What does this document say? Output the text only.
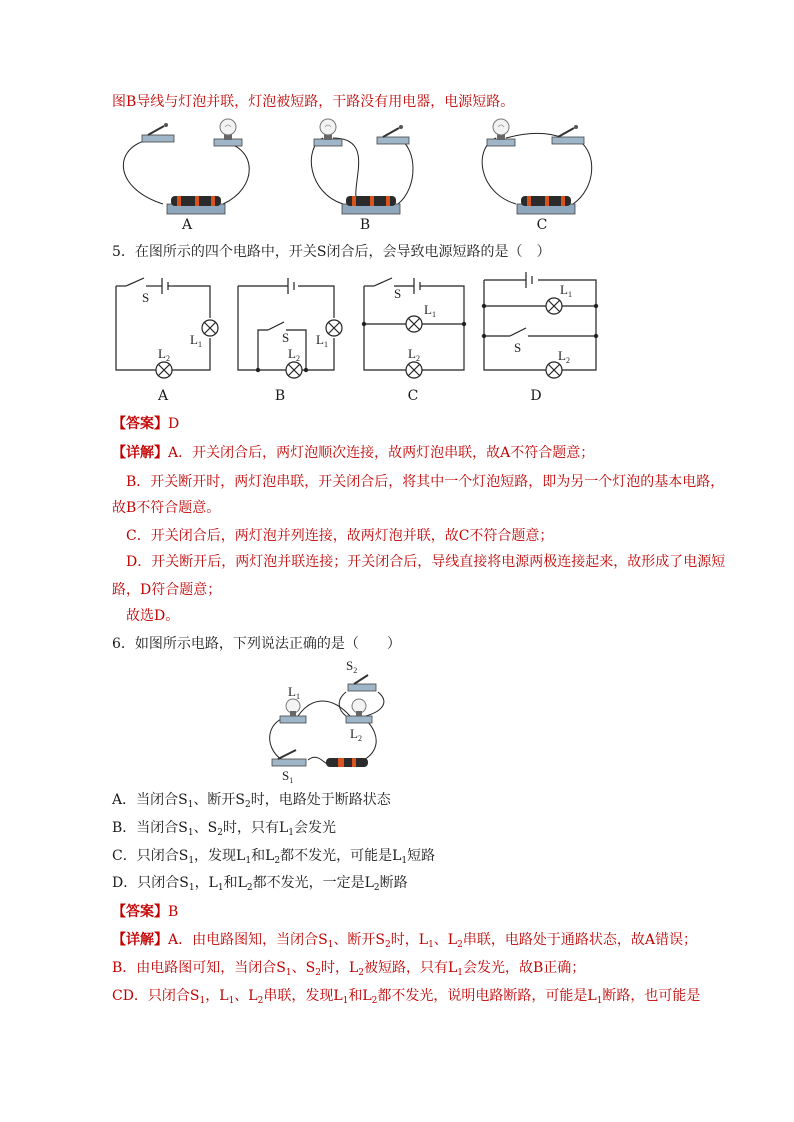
图B导线与灯泡并联，灯泡被短路，干路没有用电器，电源短路。
A	B	C
5．在图所示的四个电路中，开关S闭合后，会导致电源短路的是（　）
S
$L_1$
$L_2$
S
$L_2$
$L_1$
S
$L_1$
$L_2$
$L_1$
S
$L_2$
A	B	C	D
【答案】D
【详解】A．开关闭合后，两灯泡顺次连接，故两灯泡串联，故A不符合题意；
B．开关断开时，两灯泡串联，开关闭合后，将其中一个灯泡短路，即为另一个灯泡的基本电路，
故B不符合题意。
C．开关闭合后，两灯泡并列连接，故两灯泡并联，故C不符合题意；
D．开关断开后，两灯泡并联连接；开关闭合后，导线直接将电源两极连接起来，故形成了电源短
路，D符合题意；
故选D。
6．如图所示电路，下列说法正确的是（　　）
$S_2$
$L_1$
$L_2$
$S_1$
A．当闭合$S_1$、断开$S_2$时，电路处于断路状态
B．当闭合$S_1$、$S_2$时，只有$L_1$会发光
C．只闭合$S_1$，发现$L_1$和$L_2$都不发光，可能是$L_1$短路
D．只闭合$S_1$，$L_1$和$L_2$都不发光，一定是$L_2$断路
【答案】B
【详解】A．由电路图知，当闭合$S_1$、断开$S_2$时，$L_1$、$L_2$串联，电路处于通路状态，故A错误；
B．由电路图可知，当闭合$S_1$、$S_2$时，$L_2$被短路，只有$L_1$会发光，故B正确；
CD．只闭合$S_1$，$L_1$、$L_2$串联，发现$L_1$和$L_2$都不发光，说明电路断路，可能是$L_1$断路，也可能是
